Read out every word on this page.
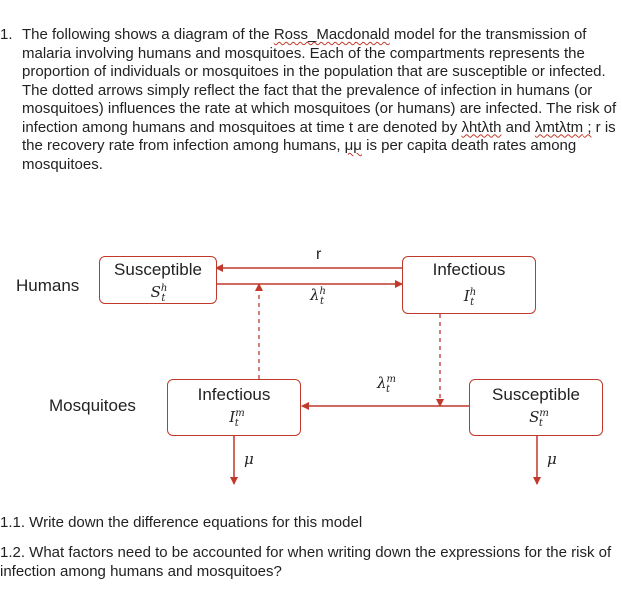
1. The following shows a diagram of the Ross_Macdonald model for the transmission of malaria involving humans and mosquitoes. Each of the compartments represents the proportion of individuals or mosquitoes in the population that are susceptible or infected. The dotted arrows simply reflect the fact that the prevalence of infection in humans (or mosquitoes) influences the rate at which mosquitoes (or humans) are infected. The risk of infection among humans and mosquitoes at time t are denoted by λhtλth and λmtλtm ; r is the recovery rate from infection among humans, μμ is per capita death rates among mosquitoes.
Humans
Mosquitoes
Susceptible
$S^h_t$
Infectious
$I^h_t$
Infectious
$I^m_t$
Susceptible
$S^m_t$
r
$\lambda^h_t$
$\lambda^m_t$
μ	μ
1.1. Write down the difference equations for this model
1.2. What factors need to be accounted for when writing down the expressions for the risk of infection among humans and mosquitoes?
